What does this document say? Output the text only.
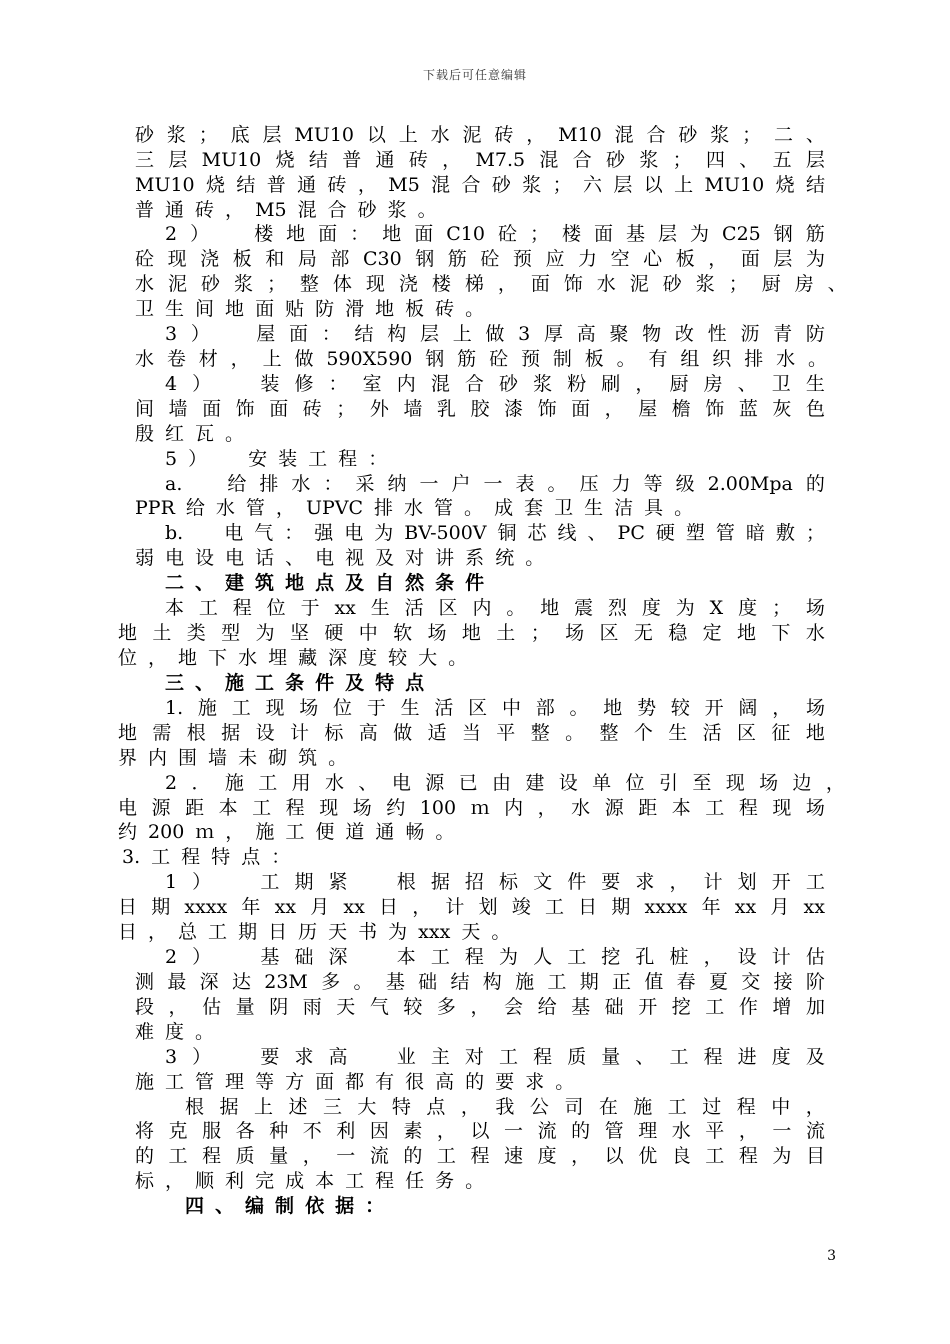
下载后可任意编辑
砂 浆 ； 底 层 MU10 以 上 水 泥 砖 ， M10 混 合 砂 浆 ； 二 、
三 层 MU10 烧 结 普 通 砖 ， M7.5 混 合 砂 浆 ； 四 、 五 层
MU10 烧 结 普 通 砖 ， M5 混 合 砂 浆 ； 六 层 以 上 MU10 烧 结
普 通 砖 ， M5 混 合 砂 浆 。
2 ）
　 楼 地 面 ： 地 面 C10 砼 ； 楼 面 基 层 为 C25 钢 筋
砼 现 浇 板 和 局 部 C30 钢 筋 砼 预 应 力 空 心 板 ， 面 层 为
水 泥 砂 浆 ； 整 体 现 浇 楼 梯 ， 面 饰 水 泥 砂 浆 ； 厨 房 、
卫 生 间 地 面 贴 防 滑 地 板 砖 。
3 ）
　 屋 面 ： 结 构 层 上 做 3 厚 高 聚 物 改 性 沥 青 防
水 卷 材 ， 上 做 590X590 钢 筋 砼 预 制 板 。 有 组 织 排 水 。
4 ）
　	装 修 ： 室 内 混 合 砂 浆 粉 刷 ， 厨 房 、 卫 生
间 墙 面 饰 面 砖 ； 外 墙 乳 胶 漆 饰 面 ， 屋 檐 饰 蓝 灰 色
殷 红 瓦 。
5 ）
　 安 装 工 程 ：
a.
　 给 排 水 ： 采 纳 一 户 一 表 。 压 力 等 级 2.00Mpa 的
PPR 给 水 管 ， UPVC 排 水 管 。 成 套 卫 生 洁 具 。
b.
　 电 气 ： 强 电 为 BV-500V 铜 芯 线 、 PC 硬 塑 管 暗 敷 ；
弱 电 设 电 话 、 电 视 及 对 讲 系 统 。
二 、 建 筑 地 点 及 自 然 条 件
本 工 程 位 于 xx 生 活 区 内 。 地 震 烈 度 为 X 度 ； 场
地 土 类 型 为 坚 硬 中 软 场 地 土 ； 场 区 无 稳 定 地 下 水
位 ， 地 下 水 埋 藏 深 度 较 大 。
三 、 施 工 条 件 及 特 点
1. 施 工 现 场 位 于 生 活 区 中 部 。 地 势 较 开 阔 ， 场
地 需 根 据 设 计 标 高 做 适 当 平 整 。 整 个 生 活 区 征 地
界 内 围 墙 未 砌 筑 。
2 ． 施 工 用 水 、 电 源 已 由 建 设 单 位 引 至 现 场 边 ，
电 源 距 本 工 程 现 场 约 100 ｍ 内 ， 水 源 距 本 工 程 现 场
约 200 ｍ ， 施 工 便 道 通 畅 。
3. 工 程 特 点 ：
1 ）
　	工 期 紧
　	根 据 招 标 文 件 要 求 ， 计 划 开 工
日 期 xxxx 年 xx 月 xx 日 ， 计 划 竣 工 日 期 xxxx 年 xx 月 xx
日 ， 总 工 期 日 历 天 书 为 xxx 天 。
2 ）
　	基 础 深
　	本 工 程 为 人 工 挖 孔 桩 ， 设 计 估
测 最 深 达 23M 多 。 基 础 结 构 施 工 期 正 值 春 夏 交 接 阶
段 ， 估 量 阴 雨 天 气 较 多 ， 会 给 基 础 开 挖 工 作 增 加
难 度 。
3 ）
　	要 求 高
　	业 主 对 工 程 质 量 、 工 程 进 度 及
施 工 管 理 等 方 面 都 有 很 高 的 要 求 。
根 据 上 述 三 大 特 点 ， 我 公 司 在 施 工 过 程 中 ，
将 克 服 各 种 不 利 因 素 ， 以 一 流 的 管 理 水 平 ， 一 流
的 工 程 质 量 ， 一 流 的 工 程 速 度 ， 以 优 良 工 程 为 目
标 ， 顺 利 完 成 本 工 程 任 务 。
四 、 编 制 依 据 ：
3
